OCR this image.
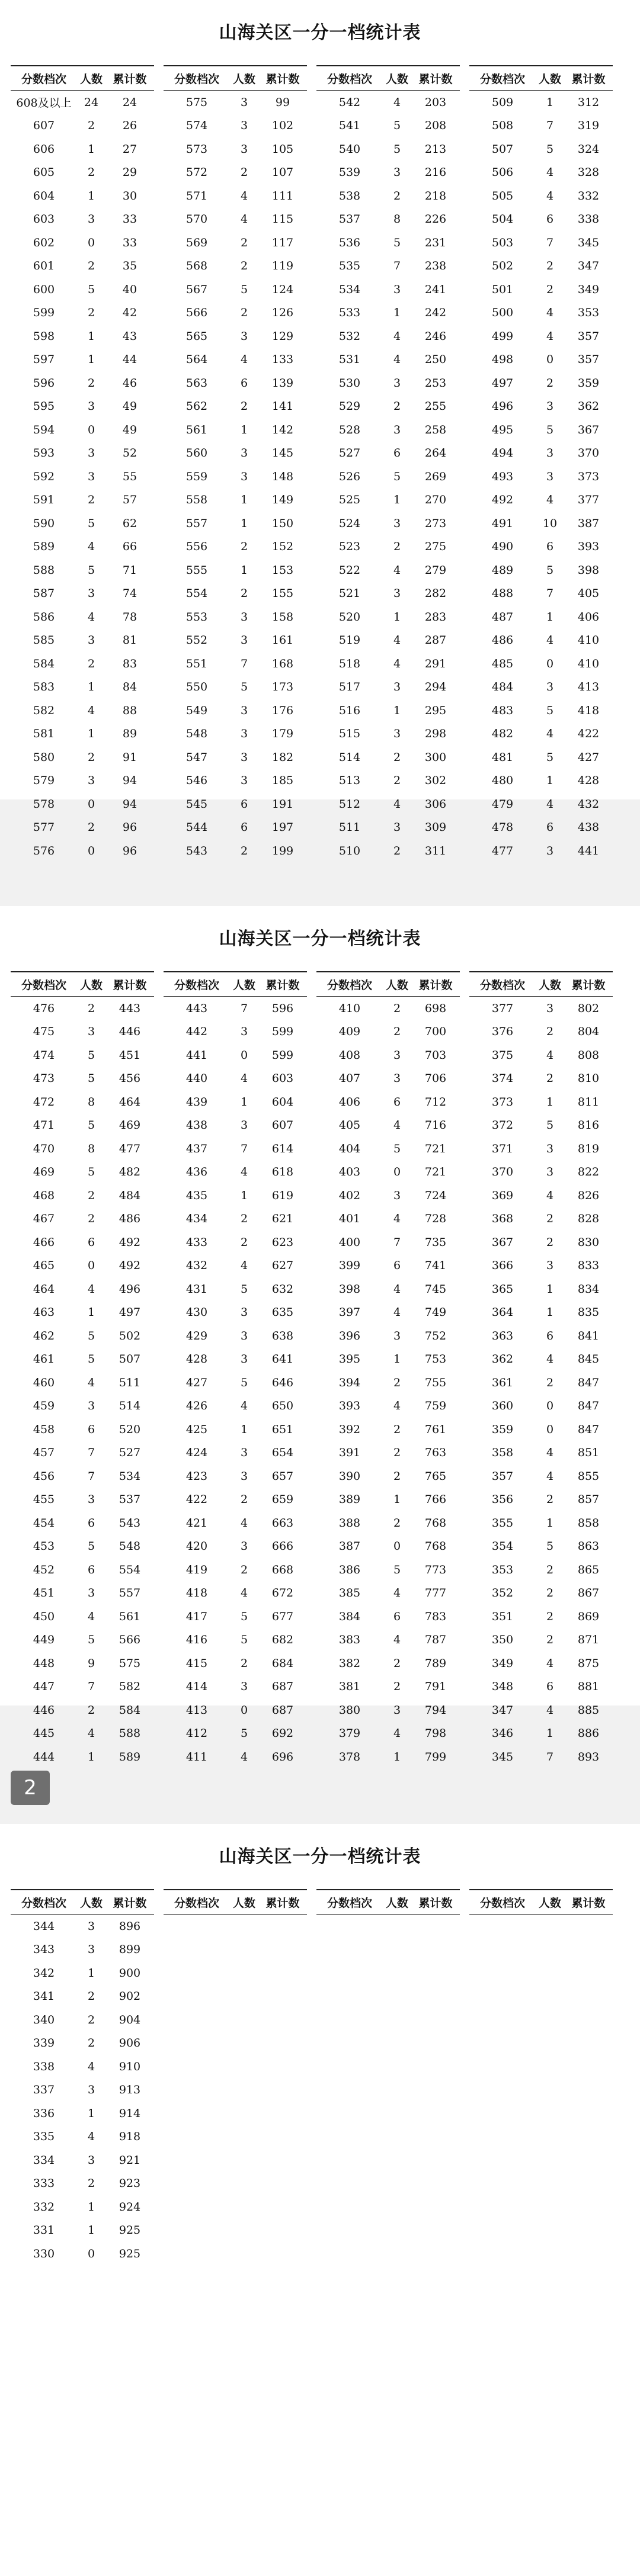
山海关区一分一档统计表
分数档次	人数 累计数
608及以上	24	24
607	2	26
606	1	27
605	2	29
604	1	30
603	3	33
602	0	33
601	2	35
600	5	40
599	2	42
598	1	43
597	1	44
596	2	46
595	3	49
594	0	49
593	3	52
592	3	55
591	2	57
590	5	62
589	4	66
588	5	71
587	3	74
586	4	78
585	3	81
584	2	83
583	1	84
582	4	88
581	1	89
580	2	91
579	3	94
578	0	94
577	2	96
576	0	96
分数档次	人数 累计数
575	3	99
574	3	102
573	3	105
572	2	107
571	4	111
570	4	115
569	2	117
568	2	119
567	5	124
566	2	126
565	3	129
564	4	133
563	6	139
562	2	141
561	1	142
560	3	145
559	3	148
558	1	149
557	1	150
556	2	152
555	1	153
554	2	155
553	3	158
552	3	161
551	7	168
550	5	173
549	3	176
548	3	179
547	3	182
546	3	185
545	6	191
544	6	197
543	2	199
分数档次	人数 累计数
542	4	203
541	5	208
540	5	213
539	3	216
538	2	218
537	8	226
536	5	231
535	7	238
534	3	241
533	1	242
532	4	246
531	4	250
530	3	253
529	2	255
528	3	258
527	6	264
526	5	269
525	1	270
524	3	273
523	2	275
522	4	279
521	3	282
520	1	283
519	4	287
518	4	291
517	3	294
516	1	295
515	3	298
514	2	300
513	2	302
512	4	306
511	3	309
510	2	311
分数档次	人数 累计数
509	1	312
508	7	319
507	5	324
506	4	328
505	4	332
504	6	338
503	7	345
502	2	347
501	2	349
500	4	353
499	4	357
498	0	357
497	2	359
496	3	362
495	5	367
494	3	370
493	3	373
492	4	377
491	10	387
490	6	393
489	5	398
488	7	405
487	1	406
486	4	410
485	0	410
484	3	413
483	5	418
482	4	422
481	5	427
480	1	428
479	4	432
478	6	438
477	3	441
山海关区一分一档统计表
分数档次	人数 累计数
476	2	443
475	3	446
474	5	451
473	5	456
472	8	464
471	5	469
470	8	477
469	5	482
468	2	484
467	2	486
466	6	492
465	0	492
464	4	496
463	1	497
462	5	502
461	5	507
460	4	511
459	3	514
458	6	520
457	7	527
456	7	534
455	3	537
454	6	543
453	5	548
452	6	554
451	3	557
450	4	561
449	5	566
448	9	575
447	7	582
446	2	584
445	4	588
444	1	589
分数档次	人数 累计数
443	7	596
442	3	599
441	0	599
440	4	603
439	1	604
438	3	607
437	7	614
436	4	618
435	1	619
434	2	621
433	2	623
432	4	627
431	5	632
430	3	635
429	3	638
428	3	641
427	5	646
426	4	650
425	1	651
424	3	654
423	3	657
422	2	659
421	4	663
420	3	666
419	2	668
418	4	672
417	5	677
416	5	682
415	2	684
414	3	687
413	0	687
412	5	692
411	4	696
分数档次	人数 累计数
410	2	698
409	2	700
408	3	703
407	3	706
406	6	712
405	4	716
404	5	721
403	0	721
402	3	724
401	4	728
400	7	735
399	6	741
398	4	745
397	4	749
396	3	752
395	1	753
394	2	755
393	4	759
392	2	761
391	2	763
390	2	765
389	1	766
388	2	768
387	0	768
386	5	773
385	4	777
384	6	783
383	4	787
382	2	789
381	2	791
380	3	794
379	4	798
378	1	799
分数档次	人数 累计数
377	3	802
376	2	804
375	4	808
374	2	810
373	1	811
372	5	816
371	3	819
370	3	822
369	4	826
368	2	828
367	2	830
366	3	833
365	1	834
364	1	835
363	6	841
362	4	845
361	2	847
360	0	847
359	0	847
358	4	851
357	4	855
356	2	857
355	1	858
354	5	863
353	2	865
352	2	867
351	2	869
350	2	871
349	4	875
348	6	881
347	4	885
346	1	886
345	7	893
2
山海关区一分一档统计表
分数档次	人数 累计数
344	3	896
343	3	899
342	1	900
341	2	902
340	2	904
339	2	906
338	4	910
337	3	913
336	1	914
335	4	918
334	3	921
333	2	923
332	1	924
331	1	925
330	0	925
分数档次	人数 累计数	分数档次	人数 累计数	分数档次	人数 累计数
